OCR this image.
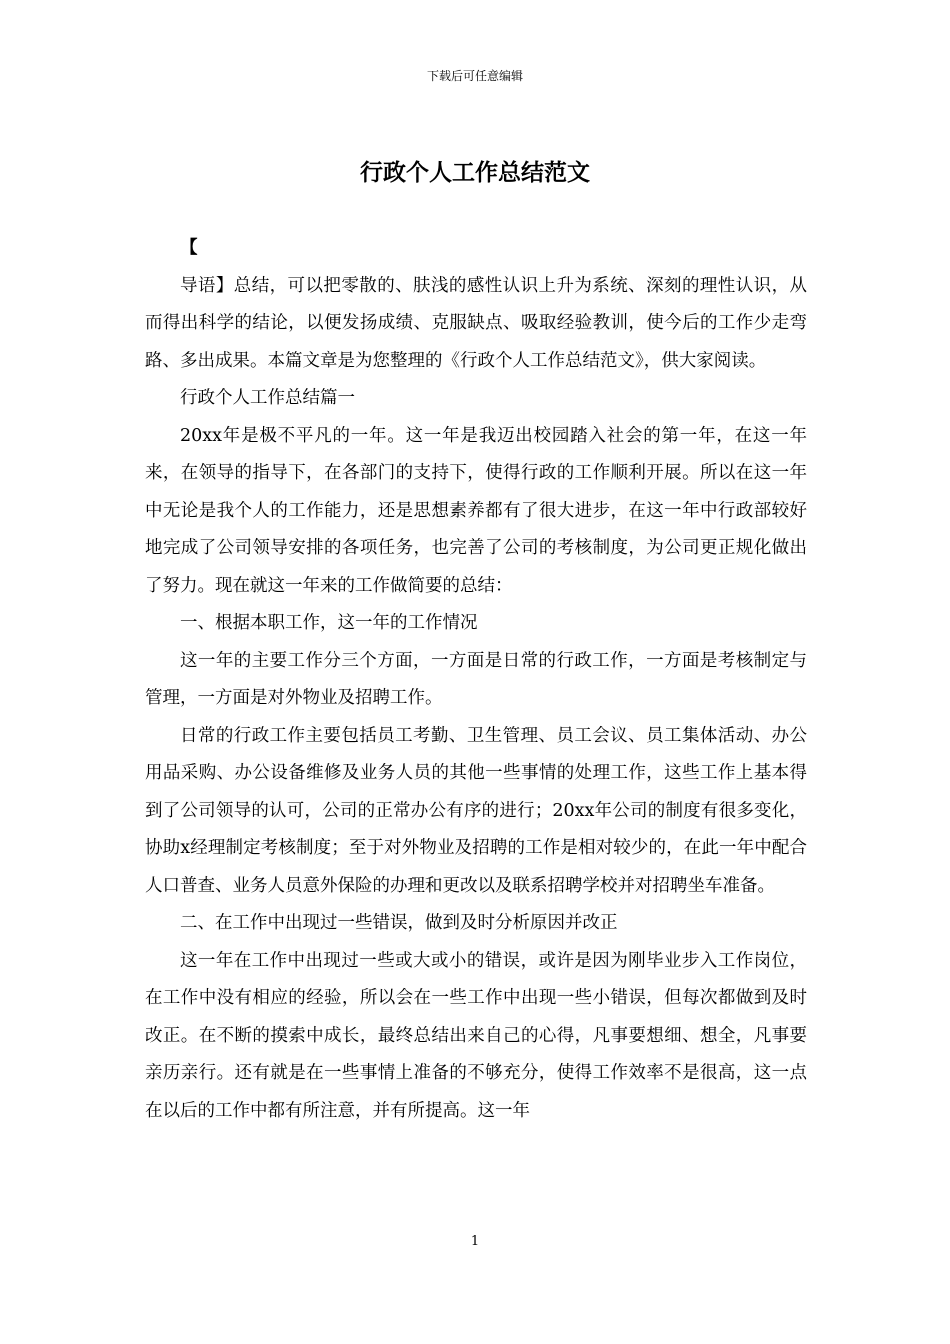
下载后可任意编辑
行政个人工作总结范文

【

导语】总结，可以把零散的、肤浅的感性认识上升为系统、深刻的理性认识，从而得出科学的结论，以便发扬成绩、克服缺点、吸取经验教训，使今后的工作少走弯路、多出成果。本篇文章是为您整理的《行政个人工作总结范文》，供大家阅读。

行政个人工作总结篇一

20xx年是极不平凡的一年。这一年是我迈出校园踏入社会的第一年，在这一年来，在领导的指导下，在各部门的支持下，使得行政的工作顺利开展。所以在这一年中无论是我个人的工作能力，还是思想素养都有了很大进步，在这一年中行政部较好地完成了公司领导安排的各项任务，也完善了公司的考核制度，为公司更正规化做出了努力。现在就这一年来的工作做简要的总结：

一、根据本职工作，这一年的工作情况

这一年的主要工作分三个方面，一方面是日常的行政工作，一方面是考核制定与管理，一方面是对外物业及招聘工作。

日常的行政工作主要包括员工考勤、卫生管理、员工会议、员工集体活动、办公用品采购、办公设备维修及业务人员的其他一些事情的处理工作，这些工作上基本得到了公司领导的认可，公司的正常办公有序的进行；20xx年公司的制度有很多变化，协助x经理制定考核制度；至于对外物业及招聘的工作是相对较少的，在此一年中配合人口普查、业务人员意外保险的办理和更改以及联系招聘学校并对招聘坐车准备。

二、在工作中出现过一些错误，做到及时分析原因并改正

这一年在工作中出现过一些或大或小的错误，或许是因为刚毕业步入工作岗位，在工作中没有相应的经验，所以会在一些工作中出现一些小错误，但每次都做到及时改正。在不断的摸索中成长，最终总结出来自己的心得，凡事要想细、想全，凡事要亲历亲行。还有就是在一些事情上准备的不够充分，使得工作效率不是很高，这一点在以后的工作中都有所注意，并有所提高。这一年

1
